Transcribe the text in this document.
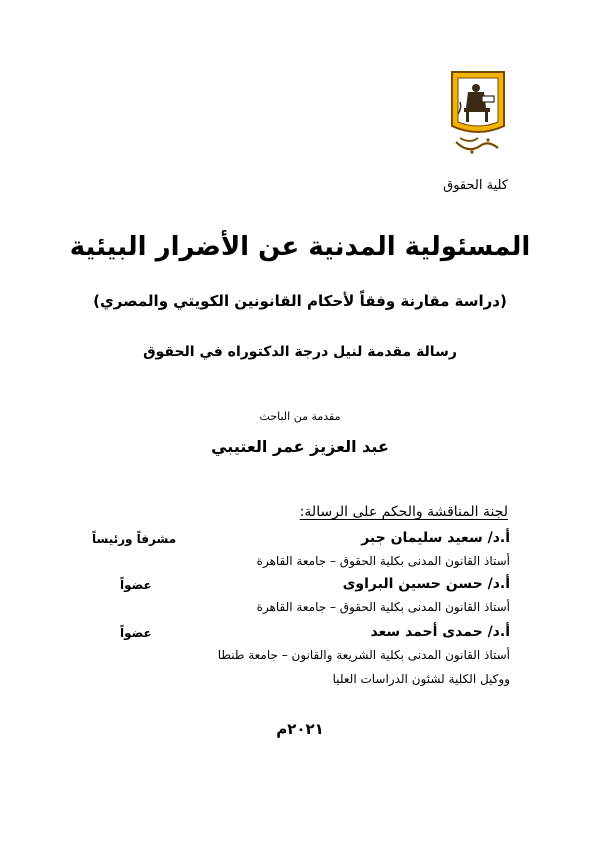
كلية الحقوق
المسئولية المدنية عن الأضرار البيئية
(دراسة مقارنة وفقاً لأحكام القانونين الكويتي والمصري)
رسالة مقدمة لنيل درجة الدكتوراه في الحقوق
مقدمة من الباحث
عبد العزيز عمر العتيبي
لجنة المناقشة والحكم على الرسالة:
أ.د/ سعيد سليمان جبر
مشرفاً ورئيساً
أستاذ القانون المدنى بكلية الحقوق – جامعة القاهرة
أ.د/ حسن حسين البراوى
عضواً
أستاذ القانون المدنى بكلية الحقوق – جامعة القاهرة
أ.د/ حمدى أحمد سعد
عضواً
أستاذ القانون المدنى بكلية الشريعة والقانون – جامعة طنطا
ووكيل الكلية لشئون الدراسات العليا
٢٠٢١م
